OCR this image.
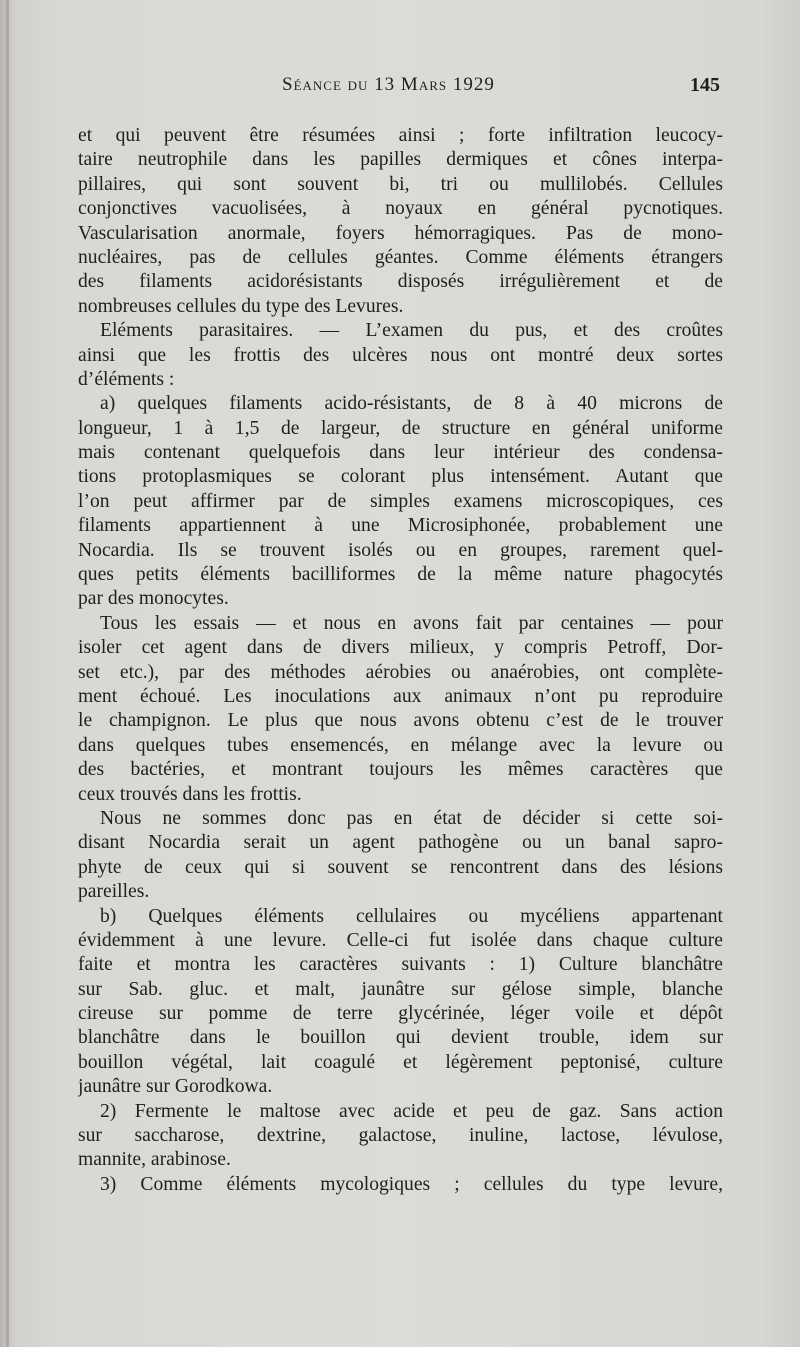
Séance du 13 Mars 1929	145
et qui peuvent être résumées ainsi ; forte infiltration leucocy-
taire neutrophile dans les papilles dermiques et cônes interpa-
pillaires, qui sont souvent bi, tri ou mullilobés. Cellules
conjonctives vacuolisées, à noyaux en général pycnotiques.
Vascularisation anormale, foyers hémorragiques. Pas de mono-
nucléaires, pas de cellules géantes. Comme éléments étrangers
des filaments acidorésistants disposés irrégulièrement et de
nombreuses cellules du type des Levures.
Eléments parasitaires. — L’examen du pus, et des croûtes
ainsi que les frottis des ulcères nous ont montré deux sortes
d’éléments :
a) quelques filaments acido-résistants, de 8 à 40 microns de
longueur, 1 à 1,5 de largeur, de structure en général uniforme
mais contenant quelquefois dans leur intérieur des condensa-
tions protoplasmiques se colorant plus intensément. Autant que
l’on peut affirmer par de simples examens microscopiques, ces
filaments appartiennent à une Microsiphonée, probablement une
Nocardia. Ils se trouvent isolés ou en groupes, rarement quel-
ques petits éléments bacilliformes de la même nature phagocytés
par des monocytes.
Tous les essais — et nous en avons fait par centaines — pour
isoler cet agent dans de divers milieux, y compris Petroff, Dor-
set etc.), par des méthodes aérobies ou anaérobies, ont complète-
ment échoué. Les inoculations aux animaux n’ont pu reproduire
le champignon. Le plus que nous avons obtenu c’est de le trouver
dans quelques tubes ensemencés, en mélange avec la levure ou
des bactéries, et montrant toujours les mêmes caractères que
ceux trouvés dans les frottis.
Nous ne sommes donc pas en état de décider si cette soi-
disant Nocardia serait un agent pathogène ou un banal sapro-
phyte de ceux qui si souvent se rencontrent dans des lésions
pareilles.
b) Quelques éléments cellulaires ou mycéliens appartenant
évidemment à une levure. Celle-ci fut isolée dans chaque culture
faite et montra les caractères suivants : 1) Culture blanchâtre
sur Sab. gluc. et malt, jaunâtre sur gélose simple, blanche
cireuse sur pomme de terre glycérinée, léger voile et dépôt
blanchâtre dans le bouillon qui devient trouble, idem sur
bouillon végétal, lait coagulé et légèrement peptonisé, culture
jaunâtre sur Gorodkowa.
2) Fermente le maltose avec acide et peu de gaz. Sans action
sur saccharose, dextrine, galactose, inuline, lactose, lévulose,
mannite, arabinose.
3) Comme éléments mycologiques ; cellules du type levure,
